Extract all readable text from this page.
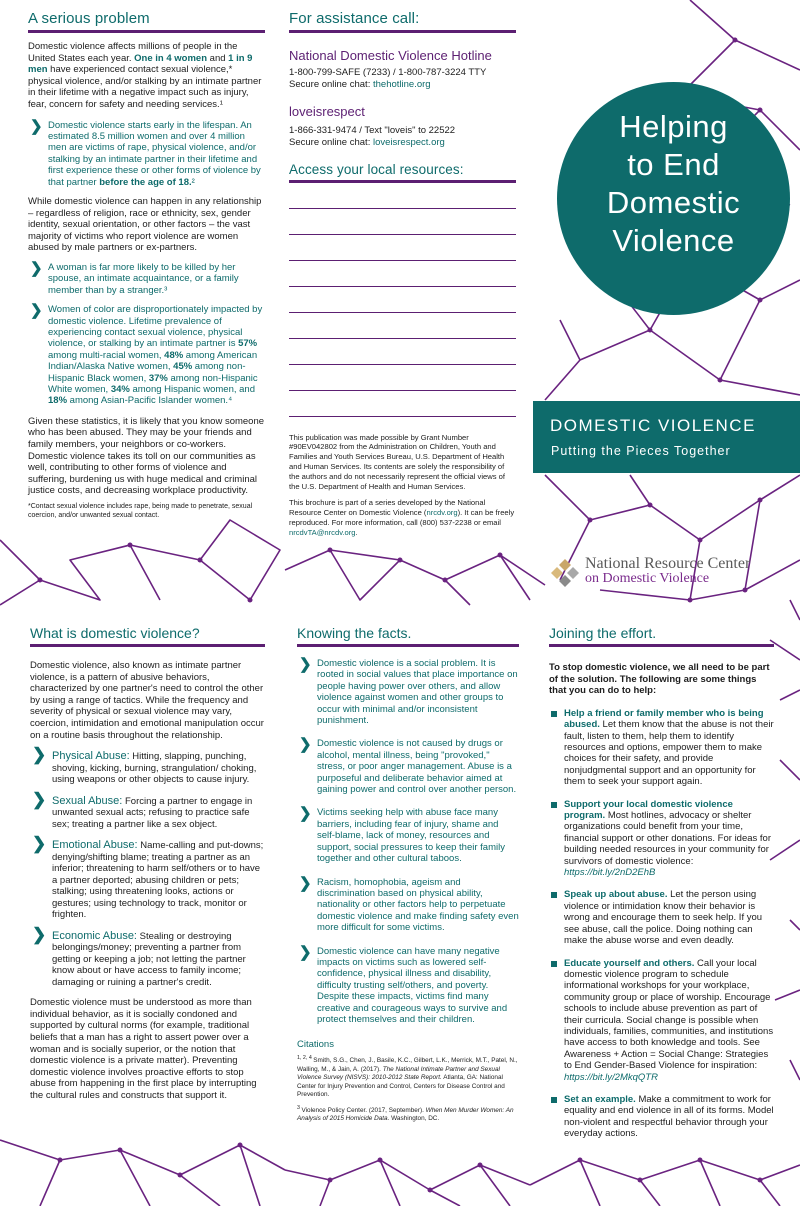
A serious problem

Domestic violence affects millions of people in the United States each year. One in 4 women and 1 in 9 men have experienced contact sexual violence,* physical violence, and/or stalking by an intimate partner in their lifetime with a negative impact such as injury, fear, concern for safety and needing services.¹

❯ Domestic violence starts early in the lifespan. An estimated 8.5 million women and over 4 million men are victims of rape, physical violence, and/or stalking by an intimate partner in their lifetime and first experience these or other forms of violence by that partner before the age of 18.²

While domestic violence can happen in any relationship – regardless of religion, race or ethnicity, sex, gender identity, sexual orientation, or other factors – the vast majority of victims who report violence are women abused by male partners or ex-partners.

❯ A woman is far more likely to be killed by her spouse, an intimate acquaintance, or a family member than by a stranger.³
❯ Women of color are disproportionately impacted by domestic violence. Lifetime prevalence of experiencing contact sexual violence, physical violence, or stalking by an intimate partner is 57% among multi-racial women, 48% among American Indian/Alaska Native women, 45% among non-Hispanic Black women, 37% among non-Hispanic White women, 34% among Hispanic women, and 18% among Asian-Pacific Islander women.⁴

Given these statistics, it is likely that you know someone who has been abused. They may be your friends and family members, your neighbors or co-workers. Domestic violence takes its toll on our communities as well, contributing to other forms of violence and suffering, burdening us with huge medical and criminal justice costs, and decreasing workplace productivity.

*Contact sexual violence includes rape, being made to penetrate, sexual coercion, and/or unwanted sexual contact.

For assistance call:
National Domestic Violence Hotline
1-800-799-SAFE (7233) / 1-800-787-3224 TTY
Secure online chat: thehotline.org
loveisrespect
1-866-331-9474 / Text "loveis" to 22522
Secure online chat: loveisrespect.org
Access your local resources:

This publication was made possible by Grant Number #90EV042802 from the Administration on Children, Youth and Families and Youth Services Bureau, U.S. Department of Health and Human Services. Its contents are solely the responsibility of the authors and do not necessarily represent the official views of the U.S. Department of Health and Human Services.

This brochure is part of a series developed by the National Resource Center on Domestic Violence (nrcdv.org). It can be freely reproduced. For more information, call (800) 537-2238 or email nrcdvTA@nrcdv.org.

Helping
to End
Domestic
Violence
DOMESTIC VIOLENCE
Putting the Pieces Together
National Resource Center
on Domestic Violence
What is domestic violence?

Domestic violence, also known as intimate partner violence, is a pattern of abusive behaviors, characterized by one partner's need to control the other by using a range of tactics. While the frequency and severity of physical or sexual violence may vary, coercion, intimidation and emotional manipulation occur on a routine basis throughout the relationship.

❯ Physical Abuse: Hitting, slapping, punching, shoving, kicking, burning, strangulation/ choking, using weapons or other objects to cause injury.
❯ Sexual Abuse: Forcing a partner to engage in unwanted sexual acts; refusing to practice safe sex; treating a partner like a sex object.
❯ Emotional Abuse: Name-calling and put-downs; denying/shifting blame; treating a partner as an inferior; threatening to harm self/others or to have a partner deported; abusing children or pets; stalking; using threatening looks, actions or gestures; using technology to track, monitor or frighten.
❯ Economic Abuse: Stealing or destroying belongings/money; preventing a partner from getting or keeping a job; not letting the partner know about or have access to family income; damaging or ruining a partner's credit.

Domestic violence must be understood as more than individual behavior, as it is socially condoned and supported by cultural norms (for example, traditional beliefs that a man has a right to assert power over a woman and is socially superior, or the notion that domestic violence is a private matter). Preventing domestic violence involves proactive efforts to stop abuse from happening in the first place by interrupting the cultural rules and constructs that support it.

Knowing the facts.
❯ Domestic violence is a social problem. It is rooted in social values that place importance on people having power over others, and allow violence against women and other groups to occur with minimal and/or inconsistent punishment.
❯ Domestic violence is not caused by drugs or alcohol, mental illness, being "provoked," stress, or poor anger management. Abuse is a purposeful and deliberate behavior aimed at gaining power and control over another person.
❯ Victims seeking help with abuse face many barriers, including fear of injury, shame and self-blame, lack of money, resources and support, social pressures to keep their family together and other cultural taboos.
❯ Racism, homophobia, ageism and discrimination based on physical ability, nationality or other factors help to perpetuate domestic violence and make finding safety even more difficult for some victims.
❯ Domestic violence can have many negative impacts on victims such as lowered self-confidence, physical illness and disability, difficulty trusting self/others, and poverty. Despite these impacts, victims find many creative and courageous ways to survive and protect themselves and their children.
Citations

$^{1, 2, 4}$ Smith, S.G., Chen, J., Basile, K.C., Gilbert, L.K., Merrick, M.T., Patel, N., Walling, M., & Jain, A. (2017). The National Intimate Partner and Sexual Violence Survey (NISVS): 2010-2012 State Report. Atlanta, GA: National Center for Injury Prevention and Control, Centers for Disease Control and Prevention.

$^3$ Violence Policy Center. (2017, September). When Men Murder Women: An Analysis of 2015 Homicide Data. Washington, DC.

Joining the effort.

To stop domestic violence, we all need to be part of the solution. The following are some things that you can do to help:

Help a friend or family member who is being abused. Let them know that the abuse is not their fault, listen to them, help them to identify resources and options, empower them to make choices for their safety, and provide nonjudgmental support and an opportunity for them to seek your support again.
Support your local domestic violence program. Most hotlines, advocacy or shelter organizations could benefit from your time, financial support or other donations. For ideas for building needed resources in your community for survivors of domestic violence:
https://bit.ly/2nD2EhB
Speak up about abuse. Let the person using violence or intimidation know their behavior is wrong and encourage them to seek help. If you see abuse, call the police. Doing nothing can make the abuse worse and even deadly.
Educate yourself and others. Call your local domestic violence program to schedule informational workshops for your workplace, community group or place of worship. Encourage schools to include abuse prevention as part of their curricula. Social change is possible when individuals, families, communities, and institutions have access to both knowledge and tools. See Awareness + Action = Social Change: Strategies to End Gender-Based Violence for inspiration:
https://bit.ly/2MkqQTR
Set an example. Make a commitment to work for equality and end violence in all of its forms. Model non-violent and respectful behavior through your everyday actions.
